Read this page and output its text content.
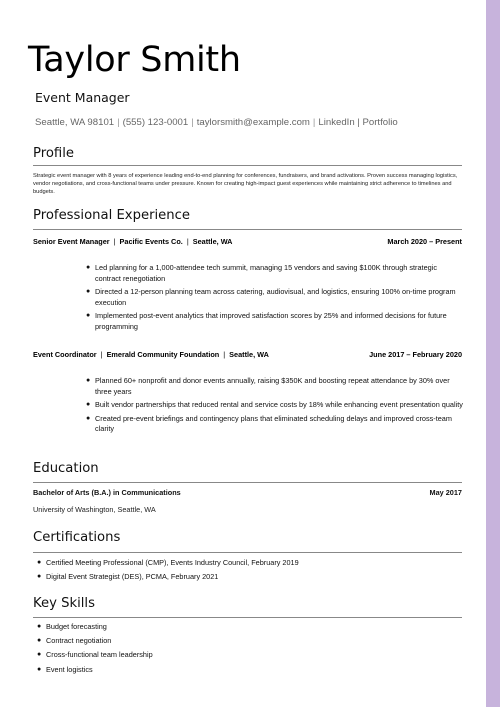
Taylor Smith
Event Manager
Seattle, WA 98101 | (555) 123-0001 | taylorsmith@example.com | LinkedIn | Portfolio
Profile
Strategic event manager with 8 years of experience leading end-to-end planning for conferences, fundraisers, and brand activations. Proven success managing logistics, vendor negotiations, and cross-functional teams under pressure. Known for creating high-impact guest experiences while maintaining strict adherence to timelines and budgets.
Professional Experience
Senior Event Manager | Pacific Events Co. | Seattle, WA	March 2020 – Present
● Led planning for a 1,000-attendee tech summit, managing 15 vendors and saving $100K through strategic contract renegotiation
● Directed a 12-person planning team across catering, audiovisual, and logistics, ensuring 100% on-time program execution
● Implemented post-event analytics that improved satisfaction scores by 25% and informed decisions for future programming
Event Coordinator | Emerald Community Foundation | Seattle, WA	June 2017 – February 2020
● Planned 60+ nonprofit and donor events annually, raising $350K and boosting repeat attendance by 30% over three years
● Built vendor partnerships that reduced rental and service costs by 18% while enhancing event presentation quality
● Created pre-event briefings and contingency plans that eliminated scheduling delays and improved cross-team clarity
Education
Bachelor of Arts (B.A.) in Communications	May 2017
University of Washington, Seattle, WA
Certifications
● Certified Meeting Professional (CMP), Events Industry Council, February 2019
● Digital Event Strategist (DES), PCMA, February 2021
Key Skills
● Budget forecasting
● Contract negotiation
● Cross-functional team leadership
● Event logistics
